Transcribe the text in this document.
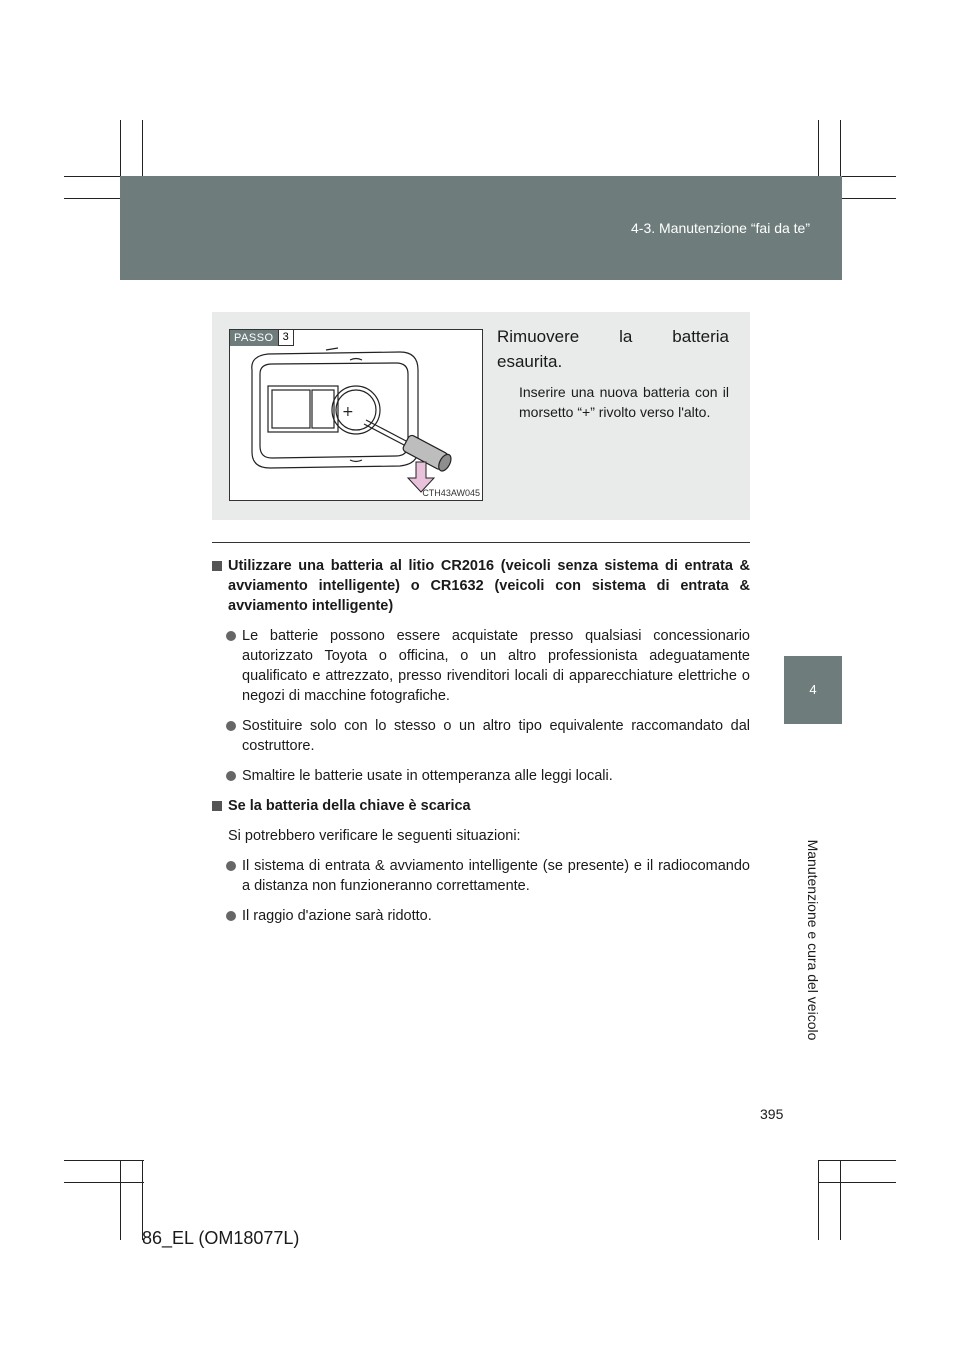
4-3. Manutenzione “fai da te”
4
Manutenzione e cura del veicolo
PASSO 3
+
CTH43AW045

Rimuovere la batteria

esaurita.

Inserire una nuova batteria con il morsetto “+” rivolto verso l'alto.

Utilizzare una batteria al litio CR2016 (veicoli senza sistema di entrata & avviamento intelligente) o CR1632 (veicoli con sistema di entrata & avviamento intelligente)
Le batterie possono essere acquistate presso qualsiasi concessionario autorizzato Toyota o officina, o un altro professionista adeguatamente qualificato e attrezzato, presso rivenditori locali di apparecchiature elettriche o negozi di macchine fotografiche.
Sostituire solo con lo stesso o un altro tipo equivalente raccomandato dal costruttore.
Smaltire le batterie usate in ottemperanza alle leggi locali.
Se la batteria della chiave è scarica
Si potrebbero verificare le seguenti situazioni:
Il sistema di entrata & avviamento intelligente (se presente) e il radiocomando a distanza non funzioneranno correttamente.
Il raggio d'azione sarà ridotto.
395
86_EL (OM18077L)
